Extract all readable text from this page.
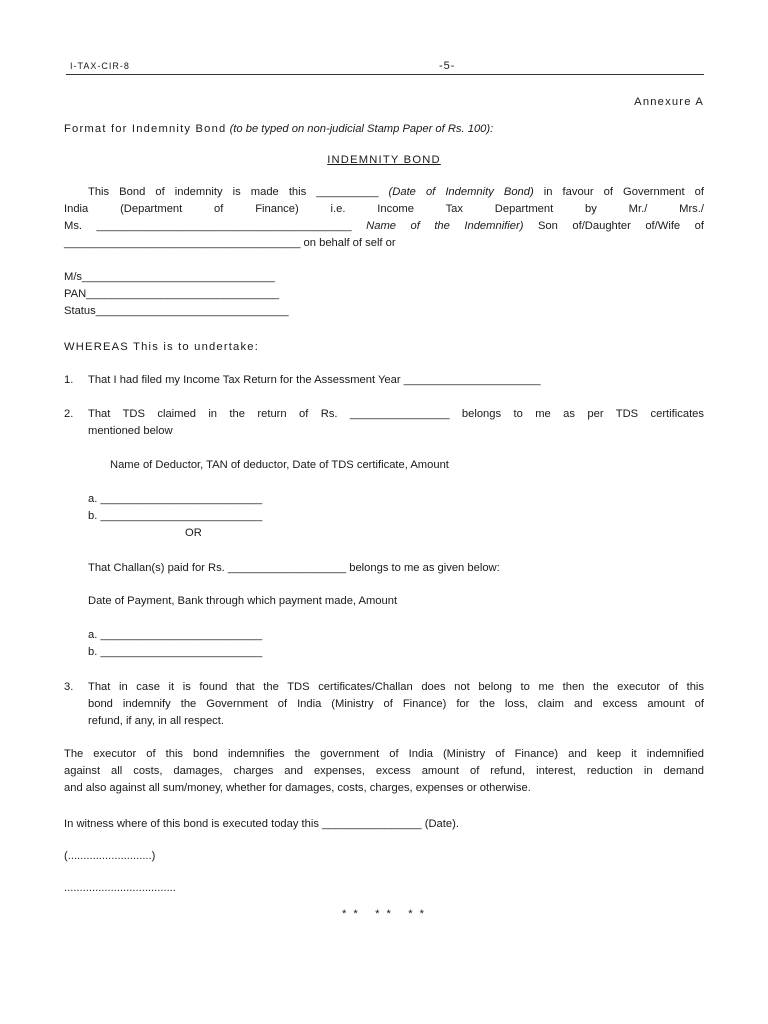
I-TAX-CIR-8	-5-
Annexure A
Format for Indemnity Bond (to be typed on non-judicial Stamp Paper of Rs. 100):
INDEMNITY BOND
This Bond of indemnity is made this __________ (Date of Indemnity Bond) in favour of Government of
India (Department of Finance) i.e. Income Tax Department by Mr./ Mrs./
Ms. _________________________________________ Name of the Indemnifier) Son of/Daughter of/Wife of
______________________________________ on behalf of self or
M/s_______________________________
PAN_______________________________
Status_______________________________
WHEREAS This is to undertake:
1. That I had filed my Income Tax Return for the Assessment Year ______________________
2. That TDS claimed in the return of Rs. ________________ belongs to me as per TDS certificates
mentioned below
Name of Deductor, TAN of deductor, Date of TDS certificate, Amount
a. __________________________
b. __________________________
OR
That Challan(s) paid for Rs. ___________________ belongs to me as given below:
Date of Payment, Bank through which payment made, Amount
a. __________________________
b. __________________________
3. That in case it is found that the TDS certificates/Challan does not belong to me then the executor of this
bond indemnify the Government of India (Ministry of Finance) for the loss, claim and excess amount of
refund, if any, in all respect.
The executor of this bond indemnifies the government of India (Ministry of Finance) and keep it indemnified
against all costs, damages, charges and expenses, excess amount of refund, interest, reduction in demand
and also against all sum/money, whether for damages, costs, charges, expenses or otherwise.
In witness where of this bond is executed today this ________________ (Date).
(...........................)
....................................
* *   * *   * *
